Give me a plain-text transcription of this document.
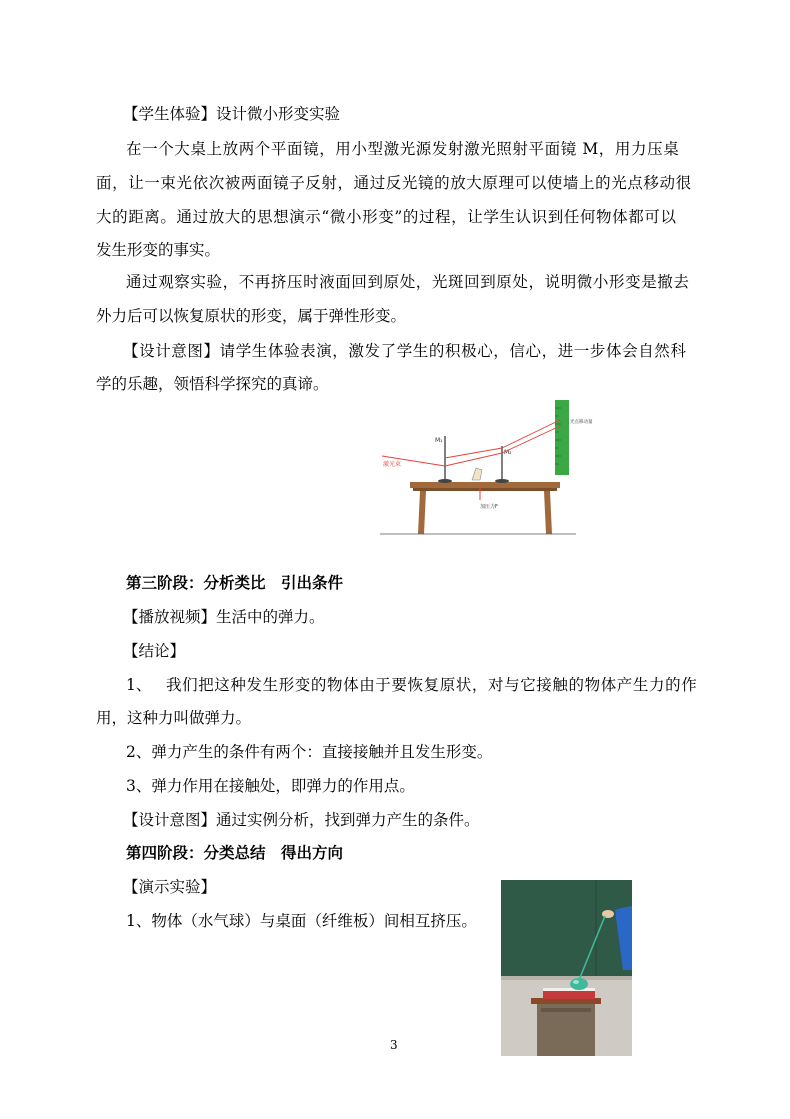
【学生体验】设计微小形变实验
在一个大桌上放两个平面镜，用小型激光源发射激光照射平面镜 M，用力压桌
面，让一束光依次被两面镜子反射，通过反光镜的放大原理可以使墙上的光点移动很
大的距离。通过放大的思想演示“微小形变”的过程，让学生认识到任何物体都可以
发生形变的事实。
通过观察实验，不再挤压时液面回到原处，光斑回到原处，说明微小形变是撤去
外力后可以恢复原状的形变，属于弹性形变。
【设计意图】请学生体验表演，激发了学生的积极心，信心，进一步体会自然科
学的乐趣，领悟科学探究的真谛。
光点移动量
M₁
M₂
加压力F
激光束
第三阶段：分析类比　引出条件
【播放视频】生活中的弹力。
【结论】
1、 我们把这种发生形变的物体由于要恢复原状，对与它接触的物体产生力的作
用，这种力叫做弹力。
2、弹力产生的条件有两个：直接接触并且发生形变。
3、弹力作用在接触处，即弹力的作用点。
【设计意图】通过实例分析，找到弹力产生的条件。
第四阶段：分类总结　得出方向
【演示实验】
1、物体（水气球）与桌面（纤维板）间相互挤压。
3
